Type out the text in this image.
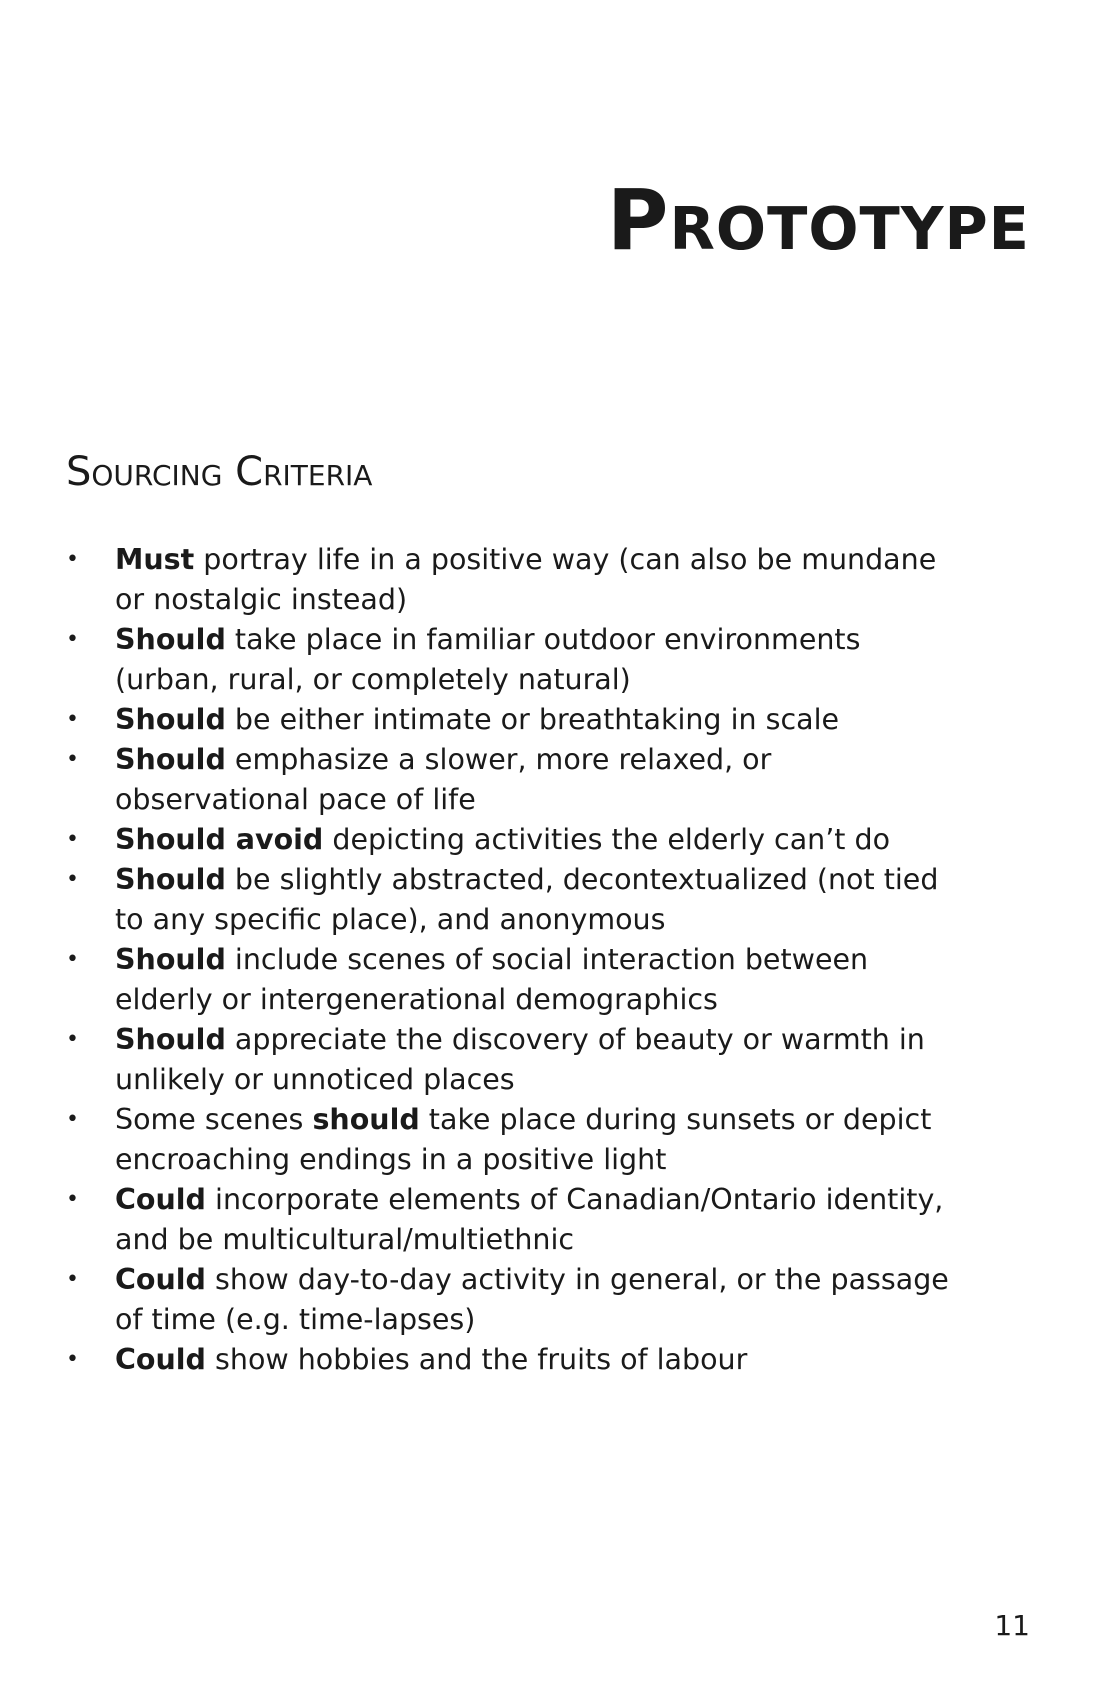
Prototype
Sourcing Criteria
• Must portray life in a positive way (can also be mundane or nostalgic instead)
• Should take place in familiar outdoor environments (urban, rural, or completely natural)
• Should be either intimate or breathtaking in scale
• Should emphasize a slower, more relaxed, or observational pace of life
• Should avoid depicting activities the elderly can’t do
• Should be slightly abstracted, decontextualized (not tied to any specific place), and anonymous
• Should include scenes of social interaction between elderly or intergenerational demographics
• Should appreciate the discovery of beauty or warmth in unlikely or unnoticed places
• Some scenes should take place during sunsets or depict encroaching endings in a positive light
• Could incorporate elements of Canadian/Ontario identity, and be multicultural/multiethnic
• Could show day-to-day activity in general, or the passage of time (e.g. time-lapses)
• Could show hobbies and the fruits of labour
11
